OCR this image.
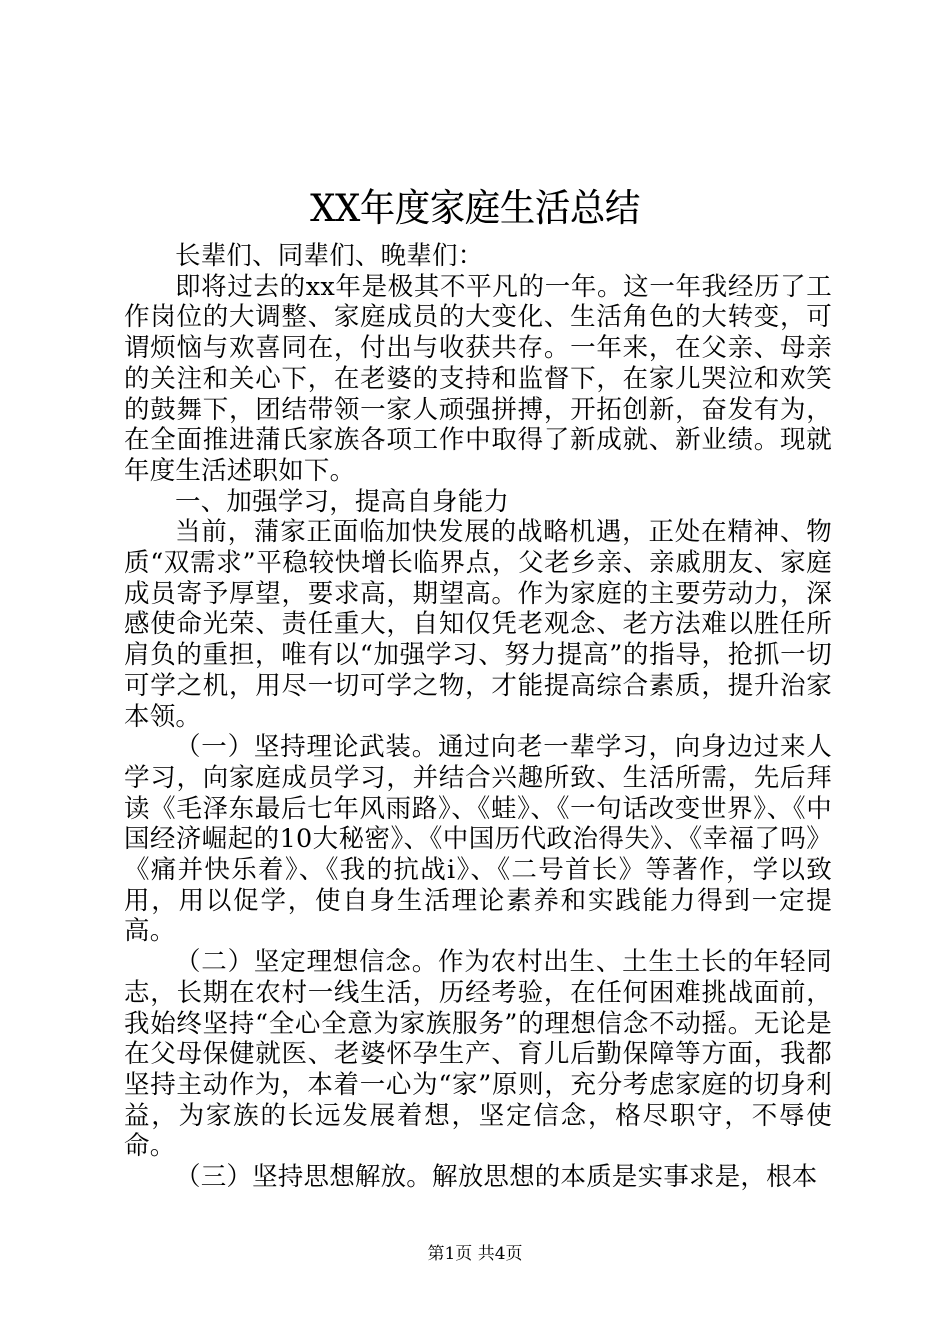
XX年度家庭生活总结

长辈们、同辈们、晚辈们：

即将过去的xx年是极其不平凡的一年。这一年我经历了工作岗位的大调整、家庭成员的大变化、生活角色的大转变，可谓烦恼与欢喜同在，付出与收获共存。一年来，在父亲、母亲的关注和关心下，在老婆的支持和监督下，在家儿哭泣和欢笑的鼓舞下，团结带领一家人顽强拼搏，开拓创新，奋发有为，在全面推进蒲氏家族各项工作中取得了新成就、新业绩。现就年度生活述职如下。

一、加强学习，提高自身能力

当前，蒲家正面临加快发展的战略机遇，正处在精神、物质“双需求”平稳较快增长临界点，父老乡亲、亲戚朋友、家庭成员寄予厚望，要求高，期望高。作为家庭的主要劳动力，深感使命光荣、责任重大，自知仅凭老观念、老方法难以胜任所肩负的重担，唯有以“加强学习、努力提高”的指导，抢抓一切可学之机，用尽一切可学之物，才能提高综合素质，提升治家本领。

（一）坚持理论武装。通过向老一辈学习，向身边过来人学习，向家庭成员学习，并结合兴趣所致、生活所需，先后拜读《毛泽东最后七年风雨路》、《蛙》、《一句话改变世界》、《中国经济崛起的10大秘密》、《中国历代政治得失》、《幸福了吗》《痛并快乐着》、《我的抗战ⅰ》、《二号首长》等著作，学以致用，用以促学，使自身生活理论素养和实践能力得到一定提高。

（二）坚定理想信念。作为农村出生、土生土长的年轻同志，长期在农村一线生活，历经考验，在任何困难挑战面前，我始终坚持“全心全意为家族服务”的理想信念不动摇。无论是在父母保健就医、老婆怀孕生产、育儿后勤保障等方面，我都坚持主动作为，本着一心为“家”原则，充分考虑家庭的切身利益，为家族的长远发展着想，坚定信念，格尽职守，不辱使命。

（三）坚持思想解放。解放思想的本质是实事求是，根本

第1页 共4页
